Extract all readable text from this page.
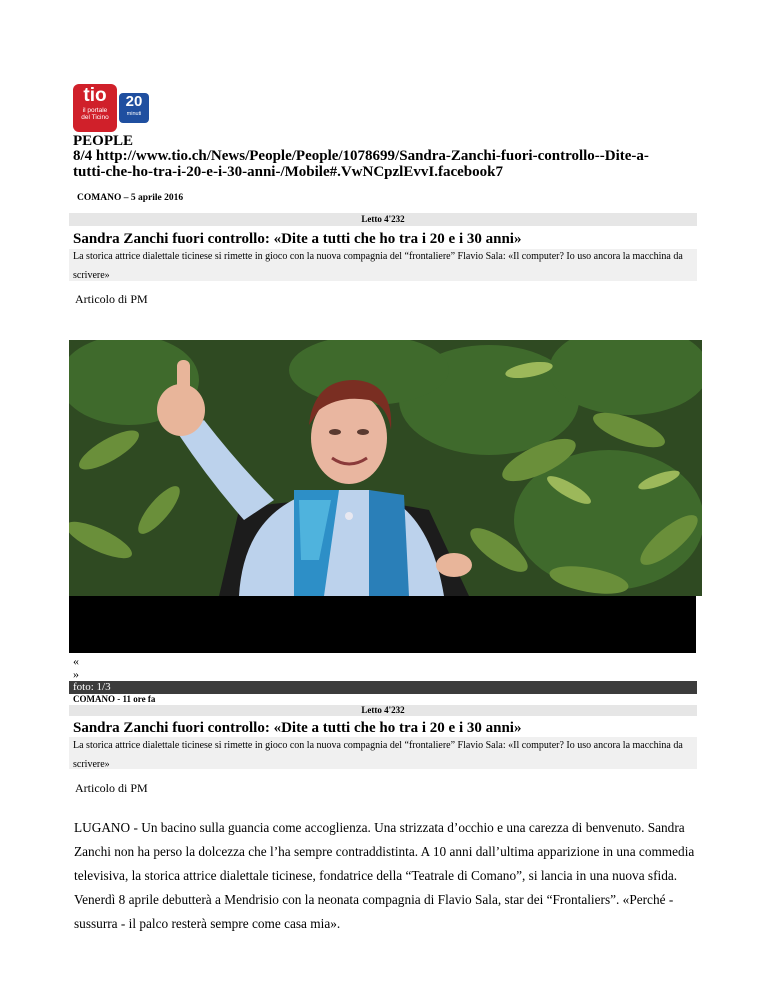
tio
il portale
del Ticino
20
minuti
PEOPLE
8/4 http://www.tio.ch/News/People/People/1078699/Sandra-Zanchi-fuori-controllo--Dite-a-tutti-che-ho-tra-i-20-e-i-30-anni-/Mobile#.VwNCpzlEvvI.facebook7
COMANO – 5 aprile 2016
Letto 4'232
Sandra Zanchi fuori controllo: «Dite a tutti che ho tra i 20 e i 30 anni»
La storica attrice dialettale ticinese si rimette in gioco con la nuova compagnia del “frontaliere” Flavio Sala: «Il computer? Io uso ancora la macchina da scrivere»
Articolo di PM
«
»
foto: 1/3
COMANO - 11 ore fa
Letto 4'232
Sandra Zanchi fuori controllo: «Dite a tutti che ho tra i 20 e i 30 anni»
La storica attrice dialettale ticinese si rimette in gioco con la nuova compagnia del “frontaliere” Flavio Sala: «Il computer? Io uso ancora la macchina da scrivere»
Articolo di PM
LUGANO - Un bacino sulla guancia come accoglienza. Una strizzata d’occhio e una carezza di benvenuto. Sandra Zanchi non ha perso la dolcezza che l’ha sempre contraddistinta. A 10 anni dall’ultima apparizione in una commedia televisiva, la storica attrice dialettale ticinese, fondatrice della “Teatrale di Comano”, si lancia in una nuova sfida. Venerdì 8 aprile debutterà a Mendrisio con la neonata compagnia di Flavio Sala, star dei “Frontaliers”. «Perché - sussurra - il palco resterà sempre come casa mia».
